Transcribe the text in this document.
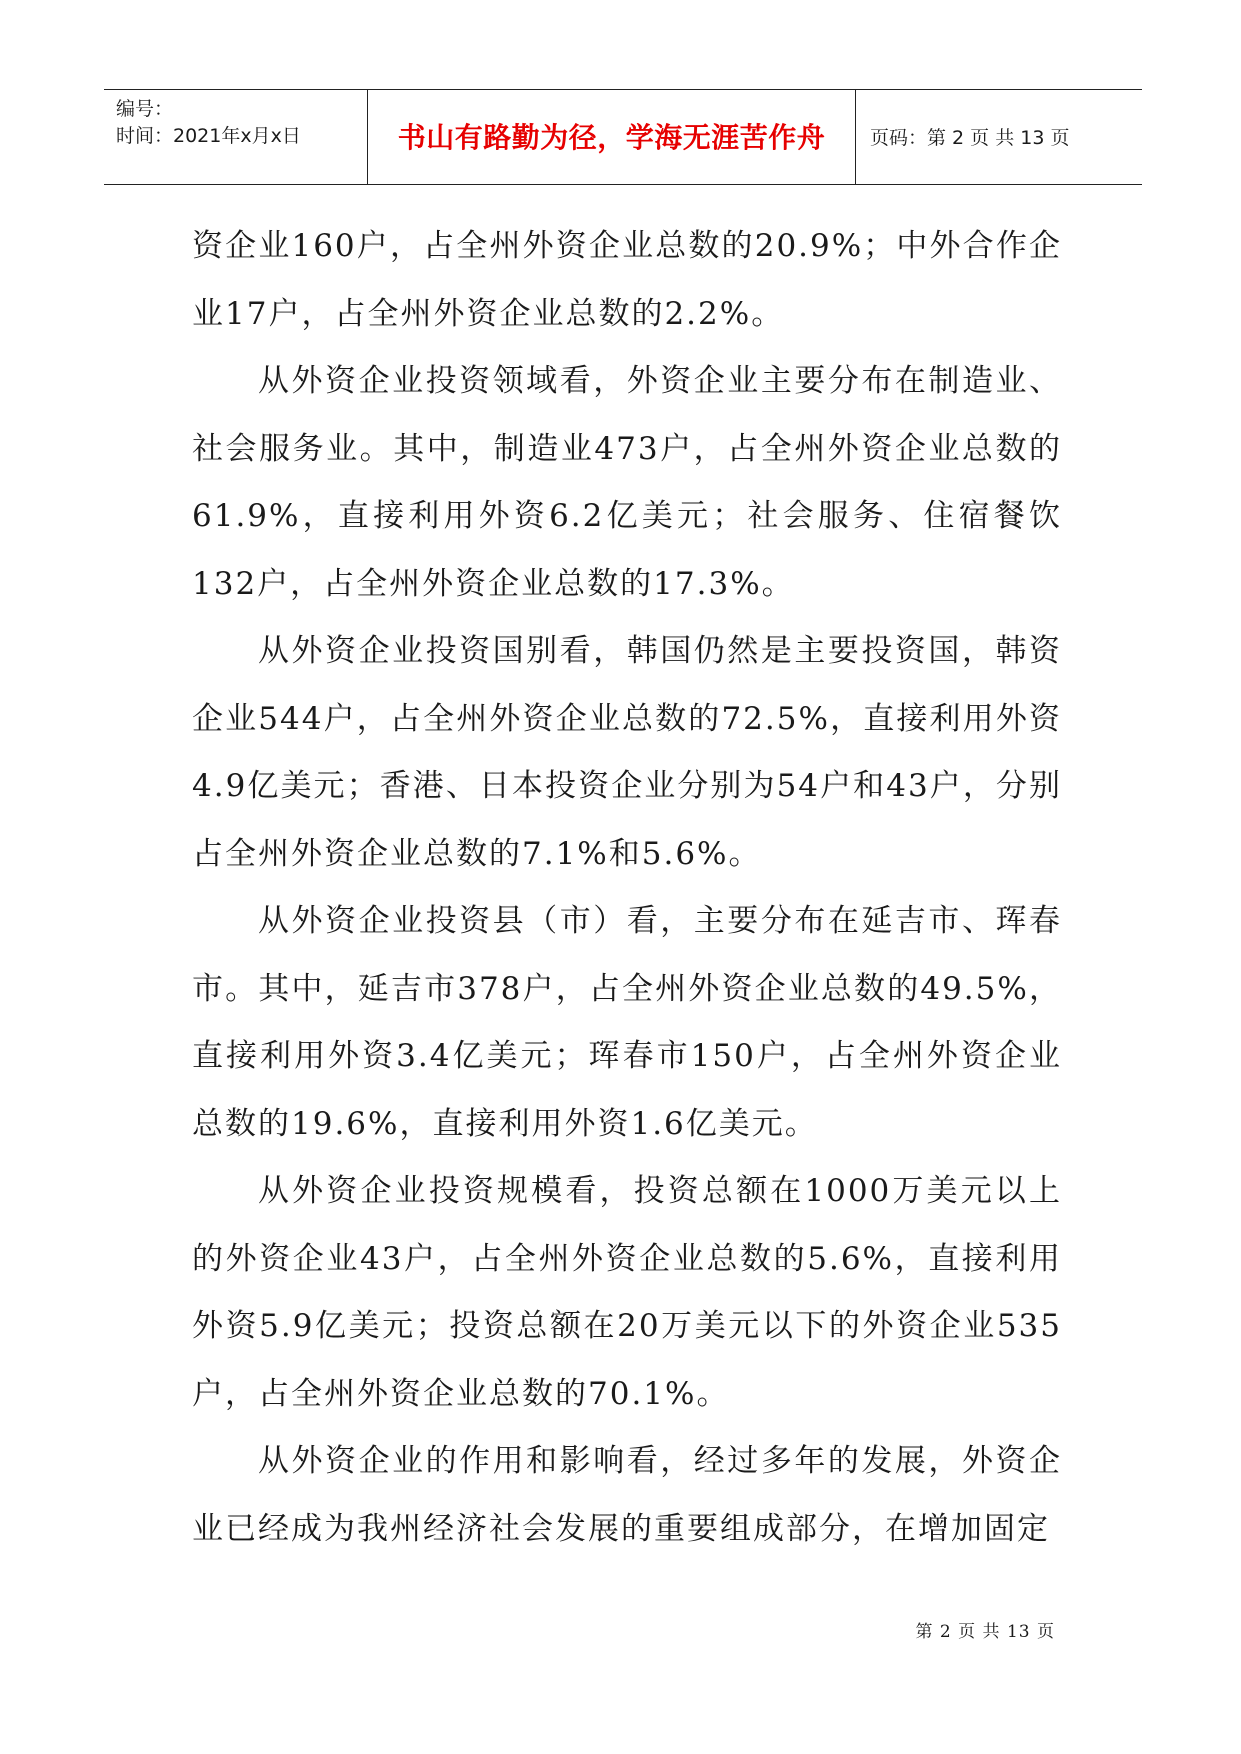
编号：
时间：2021年x月x日	书山有路勤为径，学海无涯苦作舟	页码：第 2 页 共 13 页

资企业160户，占全州外资企业总数的20.9%；中外合作企业17户，占全州外资企业总数的2.2%。

从外资企业投资领域看，外资企业主要分布在制造业、社会服务业。其中，制造业473户，占全州外资企业总数的61.9%，直接利用外资6.2亿美元；社会服务、住宿餐饮132户，占全州外资企业总数的17.3%。

从外资企业投资国别看，韩国仍然是主要投资国，韩资企业544户，占全州外资企业总数的72.5%，直接利用外资4.9亿美元；香港、日本投资企业分别为54户和43户，分别占全州外资企业总数的7.1%和5.6%。

从外资企业投资县（市）看，主要分布在延吉市、珲春市。其中，延吉市378户，占全州外资企业总数的49.5%，直接利用外资3.4亿美元；珲春市150户，占全州外资企业总数的19.6%，直接利用外资1.6亿美元。

从外资企业投资规模看，投资总额在1000万美元以上的外资企业43户，占全州外资企业总数的5.6%，直接利用外资5.9亿美元；投资总额在20万美元以下的外资企业535户，占全州外资企业总数的70.1%。

从外资企业的作用和影响看，经过多年的发展，外资企业已经成为我州经济社会发展的重要组成部分，在增加固定

第 2 页 共 13 页
